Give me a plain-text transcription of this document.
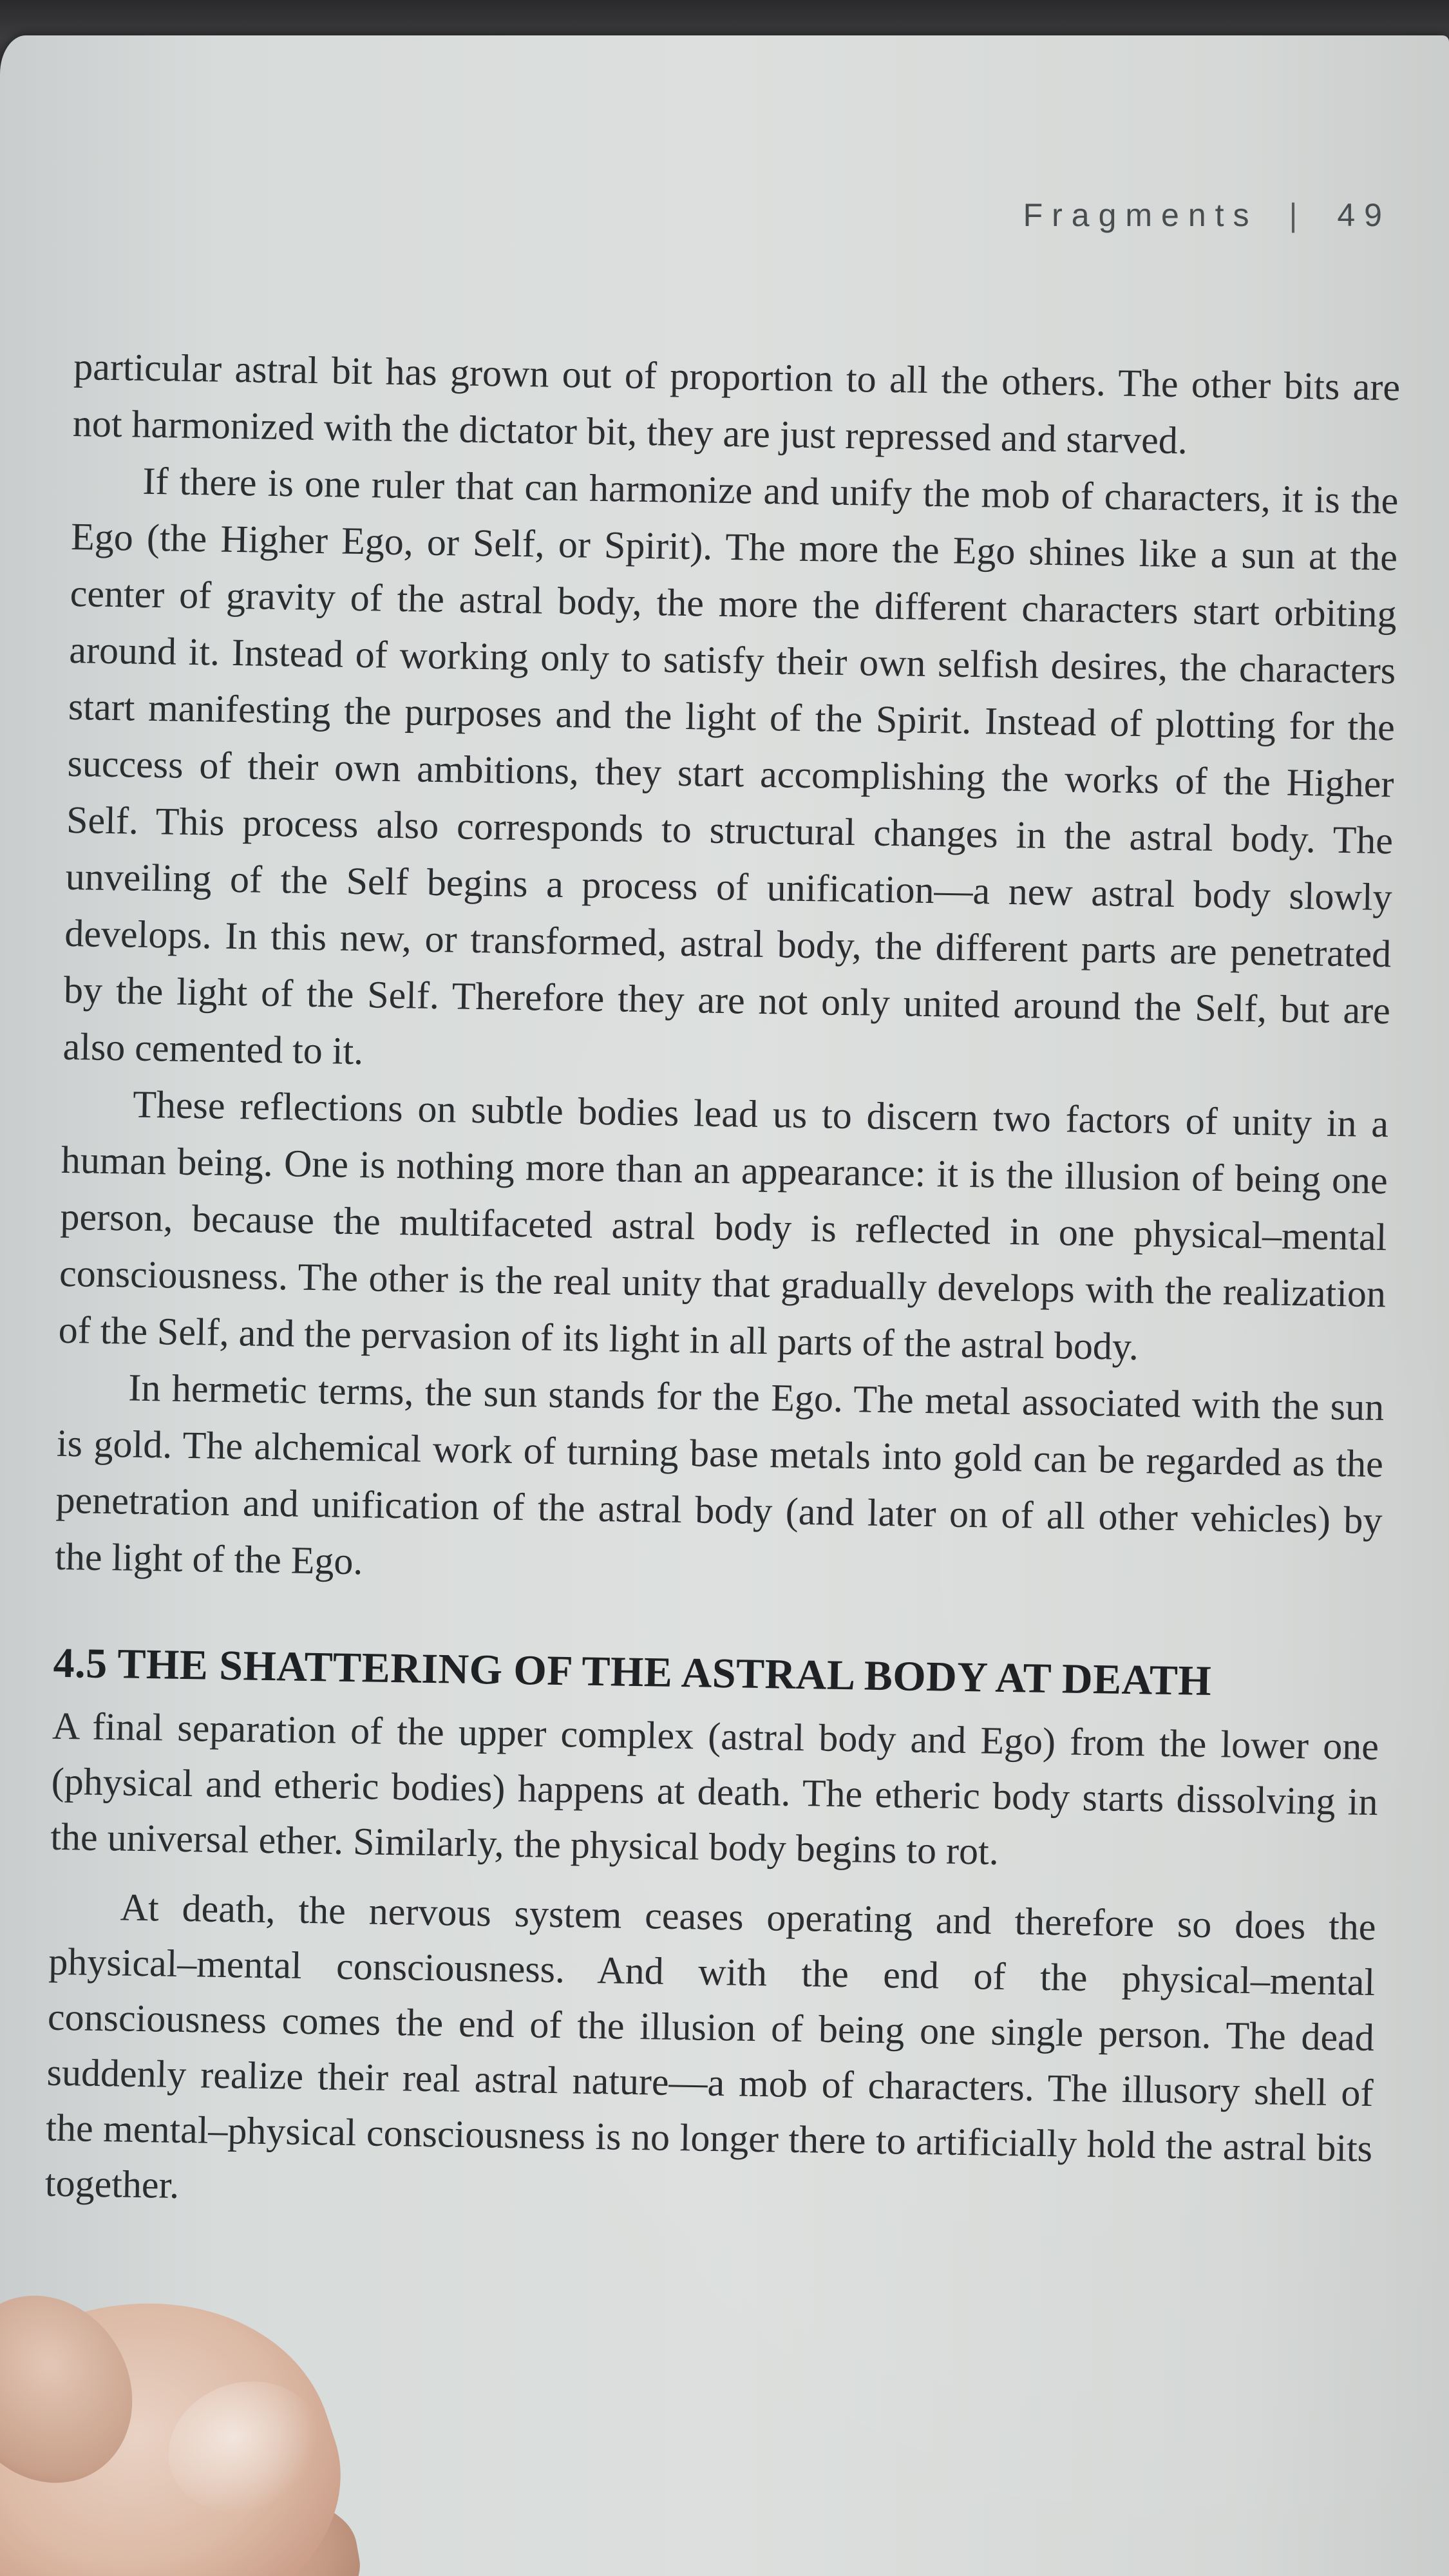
Fragments | 49

particular astral bit has grown out of proportion to all the others. The other bits are not harmonized with the dictator bit, they are just repressed and starved.

If there is one ruler that can harmonize and unify the mob of characters, it is the Ego (the Higher Ego, or Self, or Spirit). The more the Ego shines like a sun at the center of gravity of the astral body, the more the different characters start orbiting around it. Instead of working only to satisfy their own selfish desires, the characters start manifesting the purposes and the light of the Spirit. Instead of plotting for the success of their own ambitions, they start accomplishing the works of the Higher Self. This process also corresponds to structural changes in the astral body. The unveiling of the Self begins a process of unification—a new astral body slowly develops. In this new, or transformed, astral body, the different parts are penetrated by the light of the Self. Therefore they are not only united around the Self, but are also cemented to it.

These reflections on subtle bodies lead us to discern two factors of unity in a human being. One is nothing more than an appearance: it is the illusion of being one person, because the multifaceted astral body is reflected in one physical–mental consciousness. The other is the real unity that gradually develops with the realization of the Self, and the pervasion of its light in all parts of the astral body.

In hermetic terms, the sun stands for the Ego. The metal associated with the sun is gold. The alchemical work of turning base metals into gold can be regarded as the penetration and unification of the astral body (and later on of all other vehicles) by the light of the Ego.

4.5 THE SHATTERING OF THE ASTRAL BODY AT DEATH

A final separation of the upper complex (astral body and Ego) from the lower one (physical and etheric bodies) happens at death. The etheric body starts dissolving in the universal ether. Similarly, the physical body begins to rot.

At death, the nervous system ceases operating and therefore so does the physical–mental consciousness. And with the end of the physical–mental consciousness comes the end of the illusion of being one single person. The dead suddenly realize their real astral nature—a mob of characters. The illusory shell of the mental–physical consciousness is no longer there to artificially hold the astral bits together.
